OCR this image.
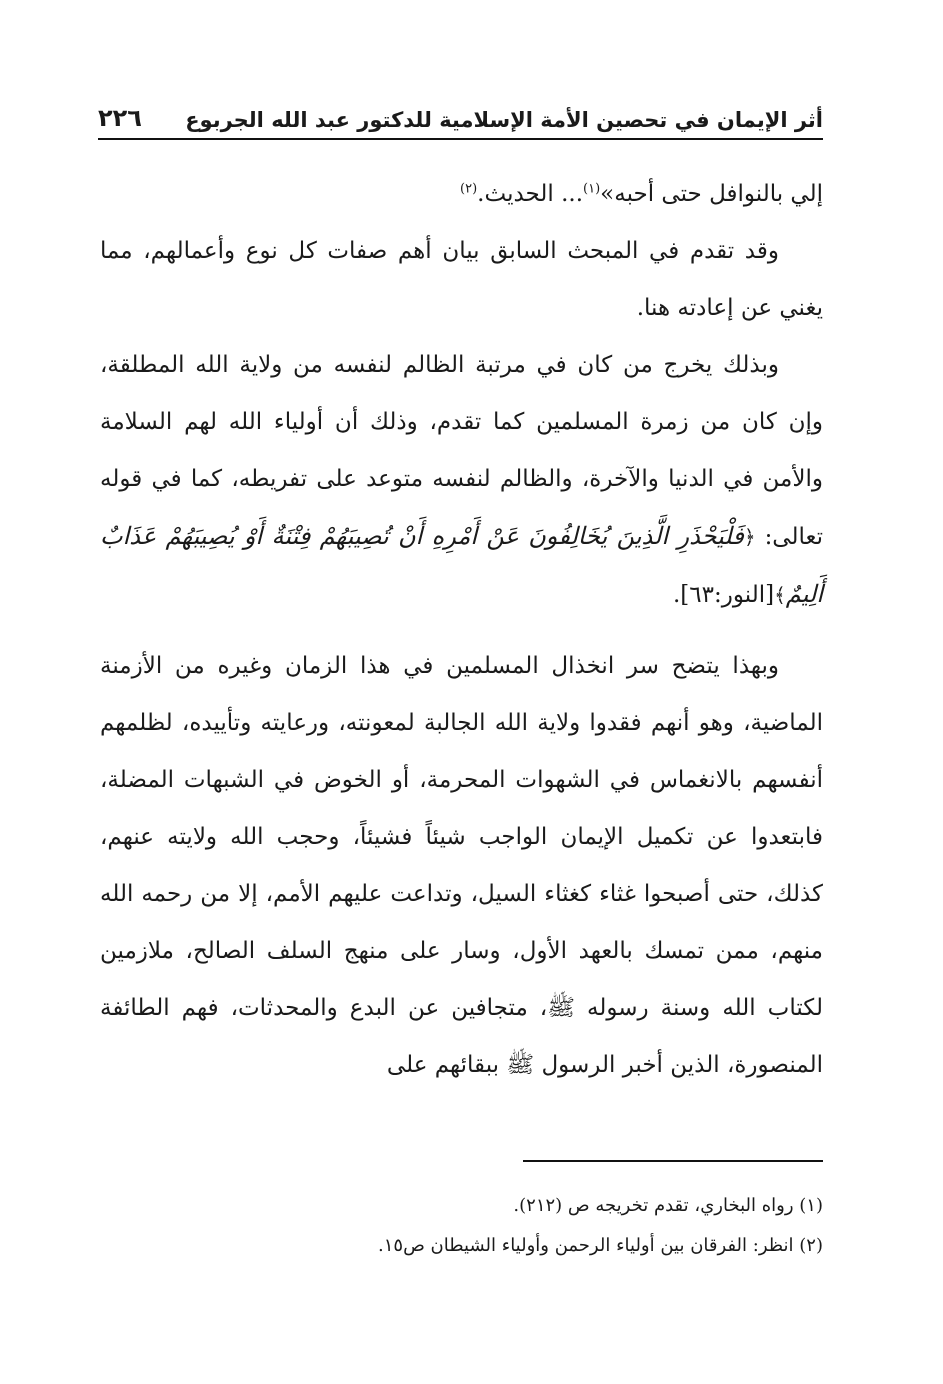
أثر الإيمان في تحصين الأمة الإسلامية للدكتور عبد الله الجربوع
٢٢٦

إلي بالنوافل حتى أحبه»$^{(١)}$... الحديث.$^{(٢)}$

وقد تقدم في المبحث السابق بيان أهم صفات كل نوع وأعمالهم، مما يغني عن إعادته هنا.

وبذلك يخرج من كان في مرتبة الظالم لنفسه من ولاية الله المطلقة، وإن كان من زمرة المسلمين كما تقدم، وذلك أن أولياء الله لهم السلامة والأمن في الدنيا والآخرة، والظالم لنفسه متوعد على تفريطه، كما في قوله تعالى: ﴿فَلْيَحْذَرِ الَّذِينَ يُخَالِفُونَ عَنْ أَمْرِهِ أَنْ تُصِيبَهُمْ فِتْنَةٌ أَوْ يُصِيبَهُمْ عَذَابٌ أَلِيمٌ﴾[النور:٦٣].

وبهذا يتضح سر انخذال المسلمين في هذا الزمان وغيره من الأزمنة الماضية، وهو أنهم فقدوا ولاية الله الجالبة لمعونته، ورعايته وتأييده، لظلمهم أنفسهم بالانغماس في الشهوات المحرمة، أو الخوض في الشبهات المضلة، فابتعدوا عن تكميل الإيمان الواجب شيئاً فشيئاً، وحجب الله ولايته عنهم، كذلك، حتى أصبحوا غثاء كغثاء السيل، وتداعت عليهم الأمم، إلا من رحمه الله منهم، ممن تمسك بالعهد الأول، وسار على منهج السلف الصالح، ملازمين لكتاب الله وسنة رسوله ﷺ، متجافين عن البدع والمحدثات، فهم الطائفة المنصورة، الذين أخبر الرسول ﷺ ببقائهم على

(١) رواه البخاري، تقدم تخريجه ص (٢١٢).

(٢) انظر: الفرقان بين أولياء الرحمن وأولياء الشيطان ص١٥.
